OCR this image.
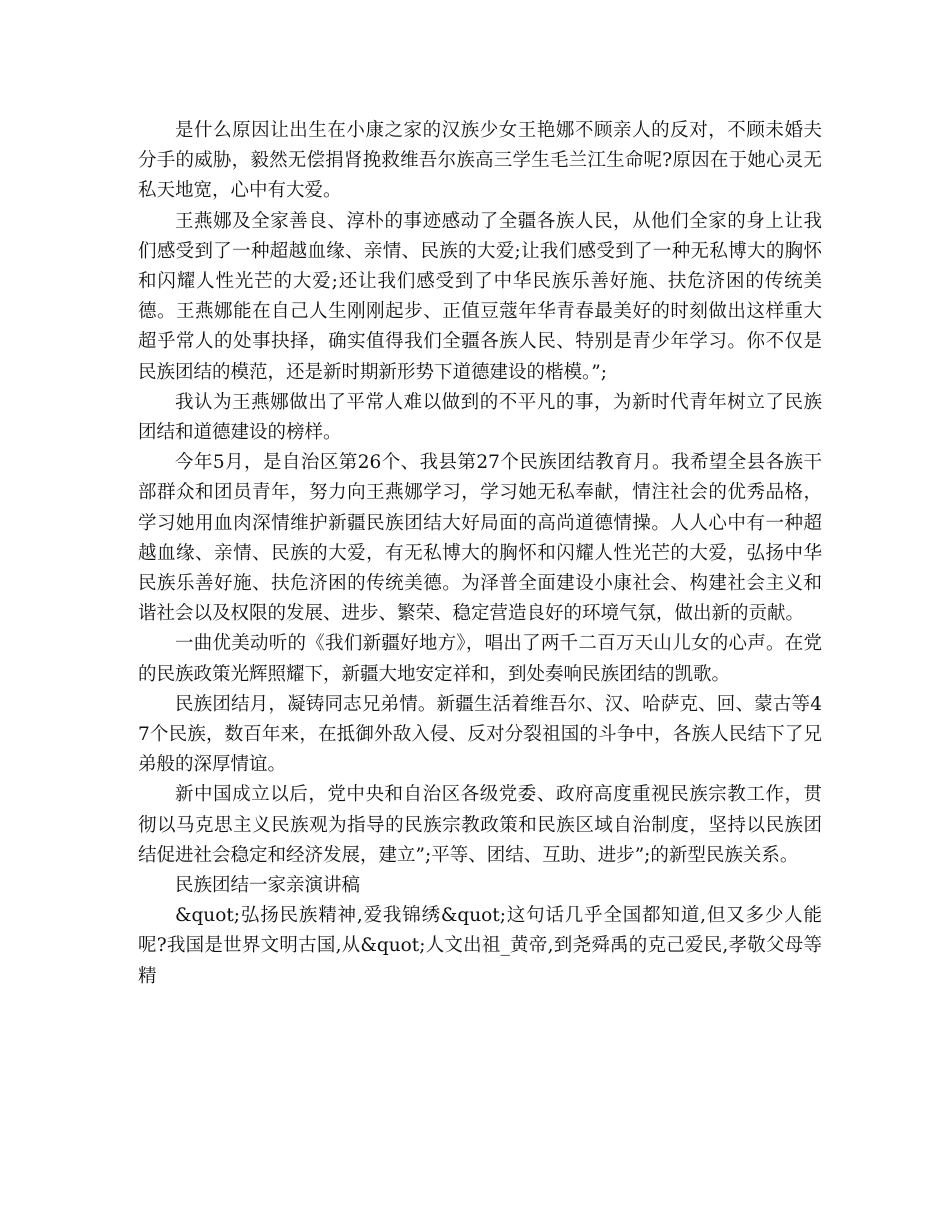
是什么原因让出生在小康之家的汉族少女王艳娜不顾亲人的反对，不顾未婚夫分手的威胁，毅然无偿捐肾挽救维吾尔族高三学生毛兰江生命呢?原因在于她心灵无私天地宽，心中有大爱。

王燕娜及全家善良、淳朴的事迹感动了全疆各族人民，从他们全家的身上让我们感受到了一种超越血缘、亲情、民族的大爱;让我们感受到了一种无私博大的胸怀和闪耀人性光芒的大爱;还让我们感受到了中华民族乐善好施、扶危济困的传统美德。王燕娜能在自己人生刚刚起步、正值豆蔻年华青春最美好的时刻做出这样重大超乎常人的处事抉择，确实值得我们全疆各族人民、特别是青少年学习。你不仅是民族团结的模范，还是新时期新形势下道德建设的楷模。”;

我认为王燕娜做出了平常人难以做到的不平凡的事，为新时代青年树立了民族团结和道德建设的榜样。

今年5月，是自治区第26个、我县第27个民族团结教育月。我希望全县各族干部群众和团员青年，努力向王燕娜学习，学习她无私奉献，情注社会的优秀品格，学习她用血肉深情维护新疆民族团结大好局面的高尚道德情操。人人心中有一种超越血缘、亲情、民族的大爱，有无私博大的胸怀和闪耀人性光芒的大爱，弘扬中华民族乐善好施、扶危济困的传统美德。为泽普全面建设小康社会、构建社会主义和谐社会以及权限的发展、进步、繁荣、稳定营造良好的环境气氛，做出新的贡献。

一曲优美动听的《我们新疆好地方》，唱出了两千二百万天山儿女的心声。在党的民族政策光辉照耀下，新疆大地安定祥和，到处奏响民族团结的凯歌。

民族团结月，凝铸同志兄弟情。新疆生活着维吾尔、汉、哈萨克、回、蒙古等47个民族，数百年来，在抵御外敌入侵、反对分裂祖国的斗争中，各族人民结下了兄弟般的深厚情谊。

新中国成立以后，党中央和自治区各级党委、政府高度重视民族宗教工作，贯彻以马克思主义民族观为指导的民族宗教政策和民族区域自治制度，坚持以民族团结促进社会稳定和经济发展，建立”;平等、团结、互助、进步”;的新型民族关系。

民族团结一家亲演讲稿

&quot;弘扬民族精神,爱我锦绣&quot;这句话几乎全国都知道,但又多少人能呢?我国是世界文明古国,从&quot;人文出祖_黄帝,到尧舜禹的克己爱民,孝敬父母等精
